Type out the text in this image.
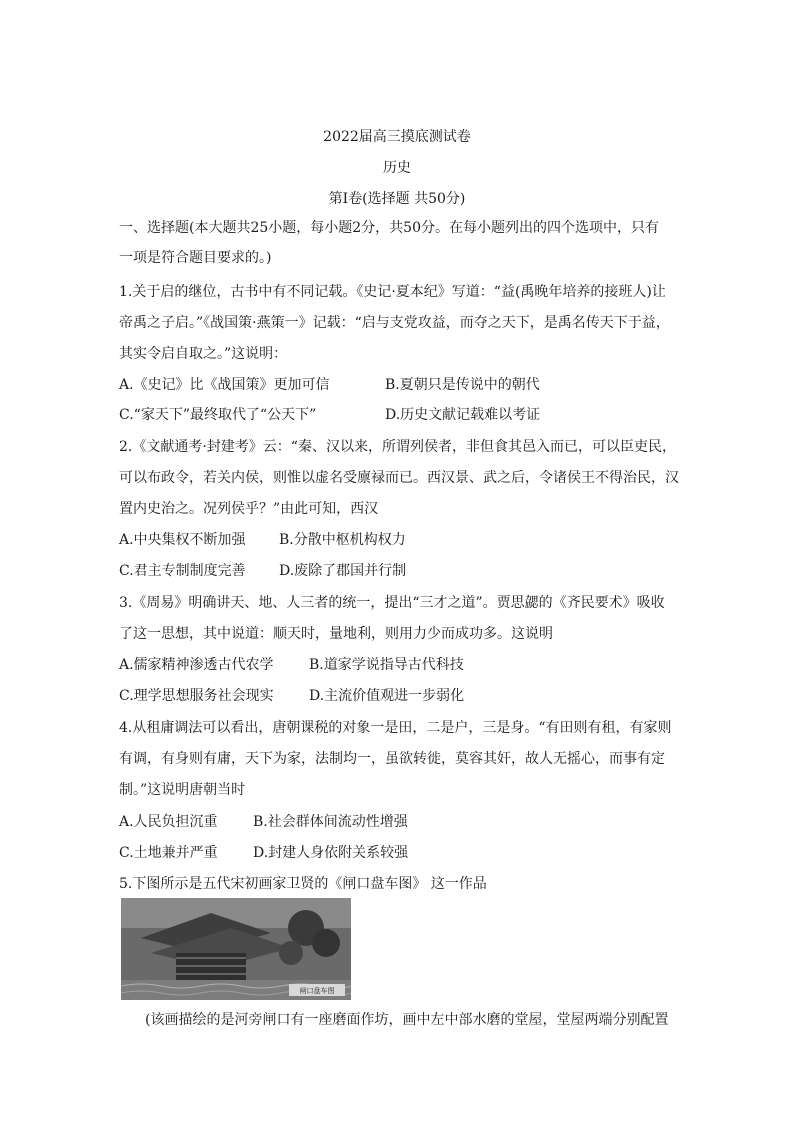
2022届高三摸底测试卷
历史
第Ⅰ卷(选择题 共50分)
一、选择题(本大题共25小题，每小题2分，共50分。在每小题列出的四个选项中，只有
一项是符合题目要求的。)
1.关于启的继位，古书中有不同记载。《史记·夏本纪》写道：“益(禹晚年培养的接班人)让
帝禹之子启。”《战国策·燕策一》记载：“启与支党攻益，而夺之天下，是禹名传天下于益，
其实令启自取之。”这说明：
A.《史记》比《战国策》更加可信	B.夏朝只是传说中的朝代
C.“家天下”最终取代了“公天下”	D.历史文献记载难以考证
2.《文献通考·封建考》云：“秦、汉以来，所谓列侯者，非但食其邑入而已，可以臣吏民，
可以布政令，若关内侯，则惟以虚名受廪禄而已。西汉景、武之后，令诸侯王不得治民，汉
置内史治之。况列侯乎？”由此可知，西汉
A.中央集权不断加强 B.分散中枢机构权力
C.君主专制制度完善 D.废除了郡国并行制
3.《周易》明确讲天、地、人三者的统一，提出“三才之道”。贾思勰的《齐民要术》吸收
了这一思想，其中说道：顺天时，量地利，则用力少而成功多。这说明
A.儒家精神渗透古代农学	B.道家学说指导古代科技
C.理学思想服务社会现实	D.主流价值观进一步弱化
4.从租庸调法可以看出，唐朝课税的对象一是田，二是户，三是身。“有田则有租，有家则
有调，有身则有庸，天下为家，法制均一，虽欲转徙，莫容其奸，故人无摇心，而事有定
制。”这说明唐朝当时
A.人民负担沉重	B.社会群体间流动性增强
C.土地兼并严重	D.封建人身依附关系较强
5.下图所示是五代宋初画家卫贤的《闸口盘车图》 这一作品
闸口盘车图
(该画描绘的是河旁闸口有一座磨面作坊，画中左中部水磨的堂屋，堂屋两端分别配置
